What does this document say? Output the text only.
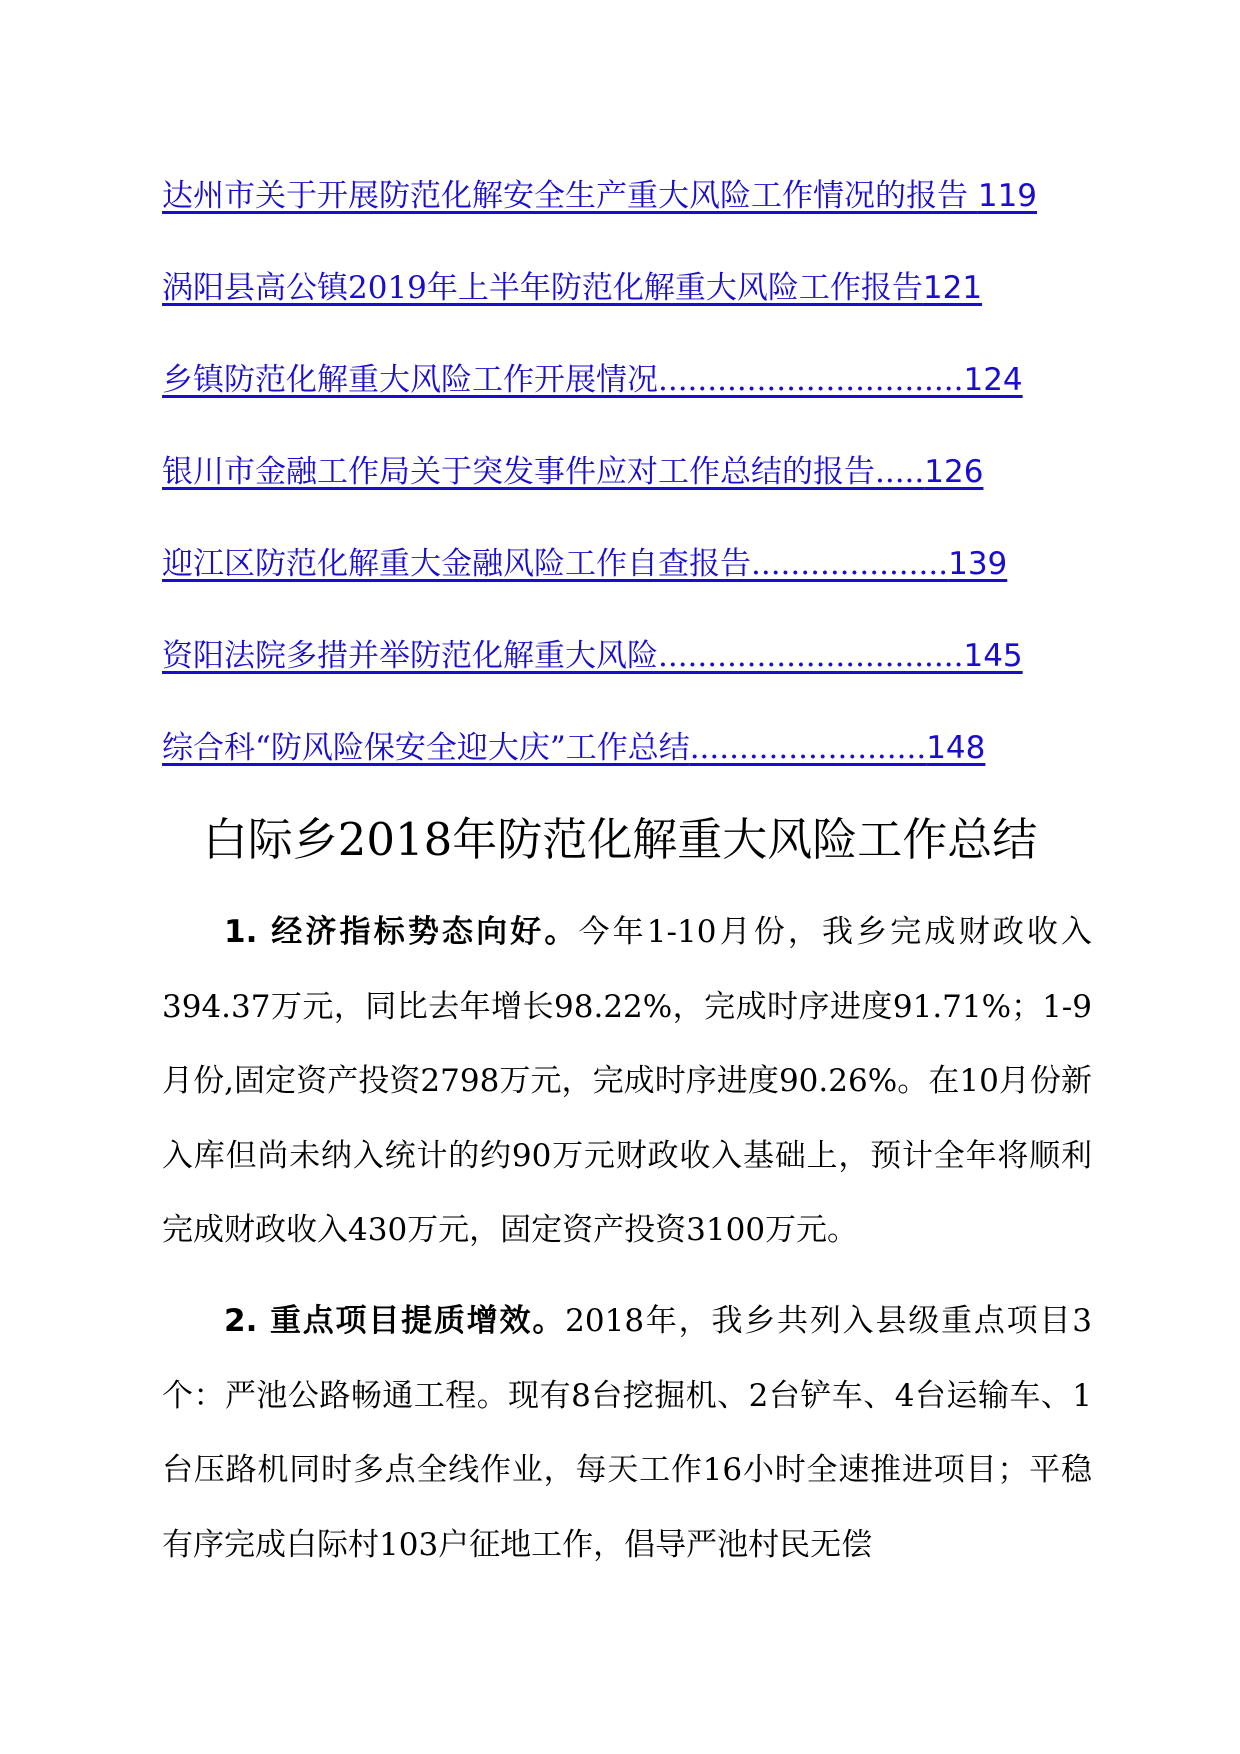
达州市关于开展防范化解安全生产重大风险工作情况的报告 119
涡阳县高公镇2019年上半年防范化解重大风险工作报告121
乡镇防范化解重大风险工作开展情况...............................124
银川市金融工作局关于突发事件应对工作总结的报告.....126
迎江区防范化解重大金融风险工作自查报告....................139
资阳法院多措并举防范化解重大风险...............................145
综合科“防风险保安全迎大庆”工作总结........................148
白际乡2018年防范化解重大风险工作总结

1. 经济指标势态向好。今年1-10月份，我乡完成财政收入394.37万元，同比去年增长98.22%，完成时序进度91.71%；1-9月份,固定资产投资2798万元，完成时序进度90.26%。在10月份新入库但尚未纳入统计的约90万元财政收入基础上，预计全年将顺利完成财政收入430万元，固定资产投资3100万元。

2. 重点项目提质增效。2018年，我乡共列入县级重点项目3个：严池公路畅通工程。现有8台挖掘机、2台铲车、4台运输车、1台压路机同时多点全线作业，每天工作16小时全速推进项目；平稳有序完成白际村103户征地工作，倡导严池村民无偿
